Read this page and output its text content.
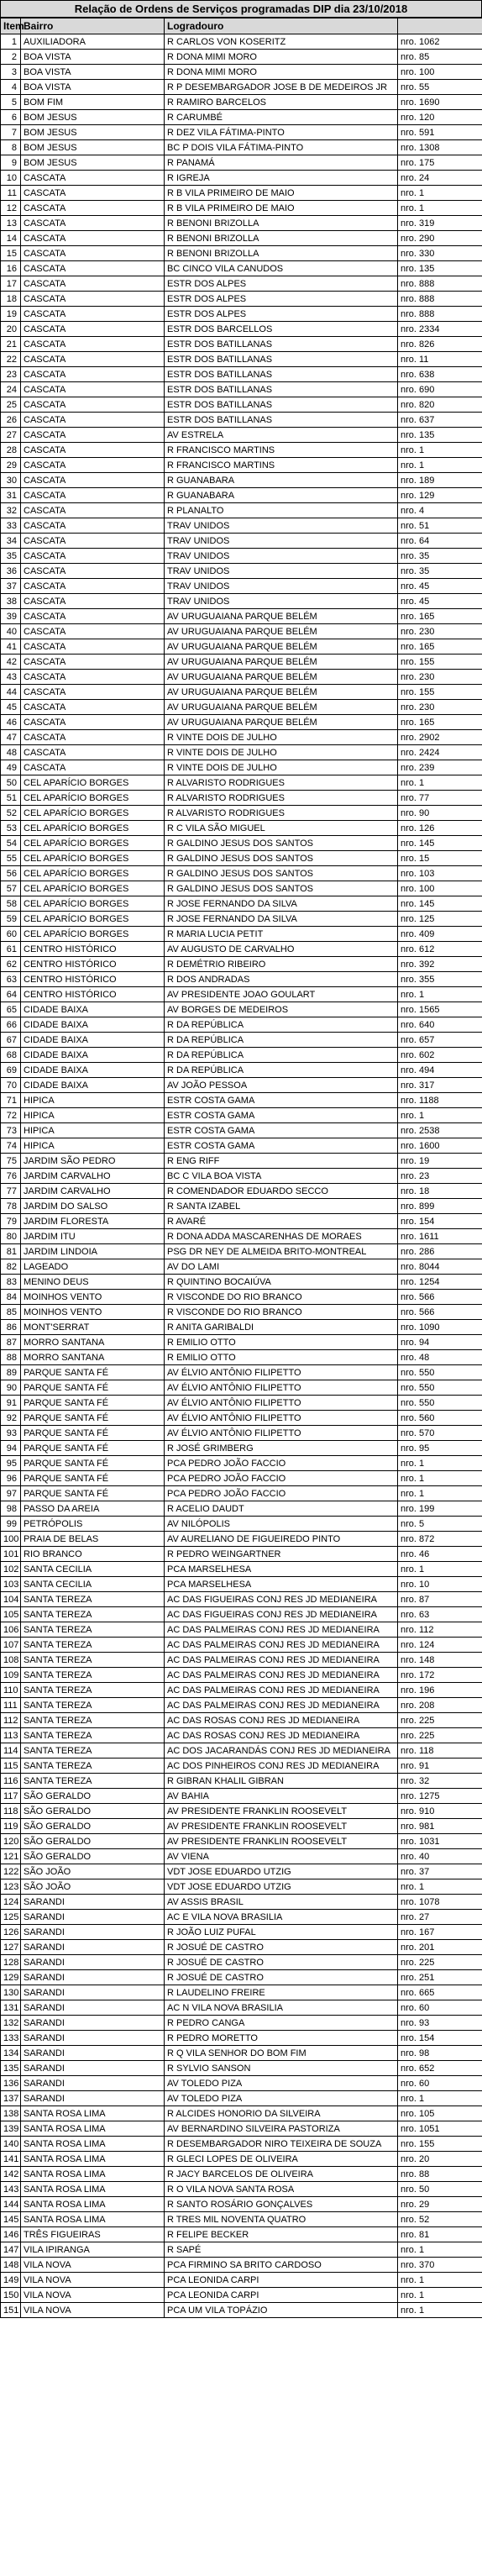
Relação de Ordens de Serviços programadas DIP dia 23/10/2018
Item	Bairro	Logradouro	
1	AUXILIADORA	R CARLOS VON KOSERITZ	nro. 1062
2	BOA VISTA	R DONA MIMI MORO	nro. 85
3	BOA VISTA	R DONA MIMI MORO	nro. 100
4	BOA VISTA	R P DESEMBARGADOR JOSE B DE MEDEIROS JR	nro. 55
5	BOM FIM	R RAMIRO BARCELOS	nro. 1690
6	BOM JESUS	R CARUMBÉ	nro. 120
7	BOM JESUS	R DEZ VILA FÁTIMA-PINTO	nro. 591
8	BOM JESUS	BC P DOIS VILA FÁTIMA-PINTO	nro. 1308
9	BOM JESUS	R PANAMÁ	nro. 175
10	CASCATA	R IGREJA	nro. 24
11	CASCATA	R B VILA PRIMEIRO DE MAIO	nro. 1
12	CASCATA	R B VILA PRIMEIRO DE MAIO	nro. 1
13	CASCATA	R BENONI BRIZOLLA	nro. 319
14	CASCATA	R BENONI BRIZOLLA	nro. 290
15	CASCATA	R BENONI BRIZOLLA	nro. 330
16	CASCATA	BC CINCO VILA CANUDOS	nro. 135
17	CASCATA	ESTR DOS ALPES	nro. 888
18	CASCATA	ESTR DOS ALPES	nro. 888
19	CASCATA	ESTR DOS ALPES	nro. 888
20	CASCATA	ESTR DOS BARCELLOS	nro. 2334
21	CASCATA	ESTR DOS BATILLANAS	nro. 826
22	CASCATA	ESTR DOS BATILLANAS	nro. 11
23	CASCATA	ESTR DOS BATILLANAS	nro. 638
24	CASCATA	ESTR DOS BATILLANAS	nro. 690
25	CASCATA	ESTR DOS BATILLANAS	nro. 820
26	CASCATA	ESTR DOS BATILLANAS	nro. 637
27	CASCATA	AV ESTRELA	nro. 135
28	CASCATA	R FRANCISCO MARTINS	nro. 1
29	CASCATA	R FRANCISCO MARTINS	nro. 1
30	CASCATA	R GUANABARA	nro. 189
31	CASCATA	R GUANABARA	nro. 129
32	CASCATA	R PLANALTO	nro. 4
33	CASCATA	TRAV UNIDOS	nro. 51
34	CASCATA	TRAV UNIDOS	nro. 64
35	CASCATA	TRAV UNIDOS	nro. 35
36	CASCATA	TRAV UNIDOS	nro. 35
37	CASCATA	TRAV UNIDOS	nro. 45
38	CASCATA	TRAV UNIDOS	nro. 45
39	CASCATA	AV URUGUAIANA PARQUE BELÉM	nro. 165
40	CASCATA	AV URUGUAIANA PARQUE BELÉM	nro. 230
41	CASCATA	AV URUGUAIANA PARQUE BELÉM	nro. 165
42	CASCATA	AV URUGUAIANA PARQUE BELÉM	nro. 155
43	CASCATA	AV URUGUAIANA PARQUE BELÉM	nro. 230
44	CASCATA	AV URUGUAIANA PARQUE BELÉM	nro. 155
45	CASCATA	AV URUGUAIANA PARQUE BELÉM	nro. 230
46	CASCATA	AV URUGUAIANA PARQUE BELÉM	nro. 165
47	CASCATA	R VINTE DOIS DE JULHO	nro. 2902
48	CASCATA	R VINTE DOIS DE JULHO	nro. 2424
49	CASCATA	R VINTE DOIS DE JULHO	nro. 239
50	CEL APARÍCIO BORGES	R ALVARISTO RODRIGUES	nro. 1
51	CEL APARÍCIO BORGES	R ALVARISTO RODRIGUES	nro. 77
52	CEL APARÍCIO BORGES	R ALVARISTO RODRIGUES	nro. 90
53	CEL APARÍCIO BORGES	R C VILA SÃO MIGUEL	nro. 126
54	CEL APARÍCIO BORGES	R GALDINO JESUS DOS SANTOS	nro. 145
55	CEL APARÍCIO BORGES	R GALDINO JESUS DOS SANTOS	nro. 15
56	CEL APARÍCIO BORGES	R GALDINO JESUS DOS SANTOS	nro. 103
57	CEL APARÍCIO BORGES	R GALDINO JESUS DOS SANTOS	nro. 100
58	CEL APARÍCIO BORGES	R JOSE FERNANDO DA SILVA	nro. 145
59	CEL APARÍCIO BORGES	R JOSE FERNANDO DA SILVA	nro. 125
60	CEL APARÍCIO BORGES	R MARIA LUCIA PETIT	nro. 409
61	CENTRO HISTÓRICO	AV AUGUSTO DE CARVALHO	nro. 612
62	CENTRO HISTÓRICO	R DEMÉTRIO RIBEIRO	nro. 392
63	CENTRO HISTÓRICO	R DOS ANDRADAS	nro. 355
64	CENTRO HISTÓRICO	AV PRESIDENTE JOAO GOULART	nro. 1
65	CIDADE BAIXA	AV BORGES DE MEDEIROS	nro. 1565
66	CIDADE BAIXA	R DA REPÚBLICA	nro. 640
67	CIDADE BAIXA	R DA REPÚBLICA	nro. 657
68	CIDADE BAIXA	R DA REPÚBLICA	nro. 602
69	CIDADE BAIXA	R DA REPÚBLICA	nro. 494
70	CIDADE BAIXA	AV JOÃO PESSOA	nro. 317
71	HIPICA	ESTR COSTA GAMA	nro. 1188
72	HIPICA	ESTR COSTA GAMA	nro. 1
73	HIPICA	ESTR COSTA GAMA	nro. 2538
74	HIPICA	ESTR COSTA GAMA	nro. 1600
75	JARDIM SÃO PEDRO	R ENG RIFF	nro. 19
76	JARDIM CARVALHO	BC C VILA BOA VISTA	nro. 23
77	JARDIM CARVALHO	R COMENDADOR EDUARDO SECCO	nro. 18
78	JARDIM DO SALSO	R SANTA IZABEL	nro. 899
79	JARDIM FLORESTA	R AVARÉ	nro. 154
80	JARDIM ITU	R DONA ADDA MASCARENHAS DE MORAES	nro. 1611
81	JARDIM LINDOIA	PSG DR NEY DE ALMEIDA BRITO-MONTREAL	nro. 286
82	LAGEADO	AV DO LAMI	nro. 8044
83	MENINO DEUS	R QUINTINO BOCAIÚVA	nro. 1254
84	MOINHOS VENTO	R VISCONDE DO RIO BRANCO	nro. 566
85	MOINHOS VENTO	R VISCONDE DO RIO BRANCO	nro. 566
86	MONT'SERRAT	R ANITA GARIBALDI	nro. 1090
87	MORRO SANTANA	R EMILIO OTTO	nro. 94
88	MORRO SANTANA	R EMILIO OTTO	nro. 48
89	PARQUE SANTA FÉ	AV ÉLVIO ANTÔNIO FILIPETTO	nro. 550
90	PARQUE SANTA FÉ	AV ÉLVIO ANTÔNIO FILIPETTO	nro. 550
91	PARQUE SANTA FÉ	AV ÉLVIO ANTÔNIO FILIPETTO	nro. 550
92	PARQUE SANTA FÉ	AV ÉLVIO ANTÔNIO FILIPETTO	nro. 560
93	PARQUE SANTA FÉ	AV ÉLVIO ANTÔNIO FILIPETTO	nro. 570
94	PARQUE SANTA FÉ	R JOSÉ GRIMBERG	nro. 95
95	PARQUE SANTA FÉ	PCA PEDRO JOÃO FACCIO	nro. 1
96	PARQUE SANTA FÉ	PCA PEDRO JOÃO FACCIO	nro. 1
97	PARQUE SANTA FÉ	PCA PEDRO JOÃO FACCIO	nro. 1
98	PASSO DA AREIA	R ACELIO DAUDT	nro. 199
99	PETRÓPOLIS	AV NILÓPOLIS	nro. 5
100	PRAIA DE BELAS	AV AURELIANO DE FIGUEIREDO PINTO	nro. 872
101	RIO BRANCO	R PEDRO WEINGARTNER	nro. 46
102	SANTA CECILIA	PCA MARSELHESA	nro. 1
103	SANTA CECILIA	PCA MARSELHESA	nro. 10
104	SANTA TEREZA	AC DAS FIGUEIRAS CONJ RES JD MEDIANEIRA	nro. 87
105	SANTA TEREZA	AC DAS FIGUEIRAS CONJ RES JD MEDIANEIRA	nro. 63
106	SANTA TEREZA	AC DAS PALMEIRAS CONJ RES JD MEDIANEIRA	nro. 112
107	SANTA TEREZA	AC DAS PALMEIRAS CONJ RES JD MEDIANEIRA	nro. 124
108	SANTA TEREZA	AC DAS PALMEIRAS CONJ RES JD MEDIANEIRA	nro. 148
109	SANTA TEREZA	AC DAS PALMEIRAS CONJ RES JD MEDIANEIRA	nro. 172
110	SANTA TEREZA	AC DAS PALMEIRAS CONJ RES JD MEDIANEIRA	nro. 196
111	SANTA TEREZA	AC DAS PALMEIRAS CONJ RES JD MEDIANEIRA	nro. 208
112	SANTA TEREZA	AC DAS ROSAS CONJ RES JD MEDIANEIRA	nro. 225
113	SANTA TEREZA	AC DAS ROSAS CONJ RES JD MEDIANEIRA	nro. 225
114	SANTA TEREZA	AC DOS JACARANDÁS CONJ RES JD MEDIANEIRA	nro. 118
115	SANTA TEREZA	AC DOS PINHEIROS CONJ RES JD MEDIANEIRA	nro. 91
116	SANTA TEREZA	R GIBRAN KHALIL GIBRAN	nro. 32
117	SÃO GERALDO	AV BAHIA	nro. 1275
118	SÃO GERALDO	AV PRESIDENTE FRANKLIN ROOSEVELT	nro. 910
119	SÃO GERALDO	AV PRESIDENTE FRANKLIN ROOSEVELT	nro. 981
120	SÃO GERALDO	AV PRESIDENTE FRANKLIN ROOSEVELT	nro. 1031
121	SÃO GERALDO	AV VIENA	nro. 40
122	SÃO JOÃO	VDT JOSE EDUARDO UTZIG	nro. 37
123	SÃO JOÃO	VDT JOSE EDUARDO UTZIG	nro. 1
124	SARANDI	AV ASSIS BRASIL	nro. 1078
125	SARANDI	AC E VILA NOVA BRASILIA	nro. 27
126	SARANDI	R JOÃO LUIZ PUFAL	nro. 167
127	SARANDI	R JOSUÉ DE CASTRO	nro. 201
128	SARANDI	R JOSUÉ DE CASTRO	nro. 225
129	SARANDI	R JOSUÉ DE CASTRO	nro. 251
130	SARANDI	R LAUDELINO FREIRE	nro. 665
131	SARANDI	AC N VILA NOVA BRASILIA	nro. 60
132	SARANDI	R PEDRO CANGA	nro. 93
133	SARANDI	R PEDRO MORETTO	nro. 154
134	SARANDI	R Q VILA SENHOR DO BOM FIM	nro. 98
135	SARANDI	R SYLVIO SANSON	nro. 652
136	SARANDI	AV TOLEDO PIZA	nro. 60
137	SARANDI	AV TOLEDO PIZA	nro. 1
138	SANTA ROSA LIMA	R ALCIDES HONORIO DA SILVEIRA	nro. 105
139	SANTA ROSA LIMA	AV BERNARDINO SILVEIRA PASTORIZA	nro. 1051
140	SANTA ROSA LIMA	R DESEMBARGADOR NIRO TEIXEIRA DE SOUZA	nro. 155
141	SANTA ROSA LIMA	R GLECI LOPES DE OLIVEIRA	nro. 20
142	SANTA ROSA LIMA	R JACY BARCELOS DE OLIVEIRA	nro. 88
143	SANTA ROSA LIMA	R O VILA NOVA SANTA ROSA	nro. 50
144	SANTA ROSA LIMA	R SANTO ROSÁRIO GONÇALVES	nro. 29
145	SANTA ROSA LIMA	R TRES MIL NOVENTA QUATRO	nro. 52
146	TRÊS FIGUEIRAS	R FELIPE BECKER	nro. 81
147	VILA IPIRANGA	R SAPÉ	nro. 1
148	VILA NOVA	PCA FIRMINO SA BRITO CARDOSO	nro. 370
149	VILA NOVA	PCA LEONIDA CARPI	nro. 1
150	VILA NOVA	PCA LEONIDA CARPI	nro. 1
151	VILA NOVA	PCA UM VILA TOPÁZIO	nro. 1
